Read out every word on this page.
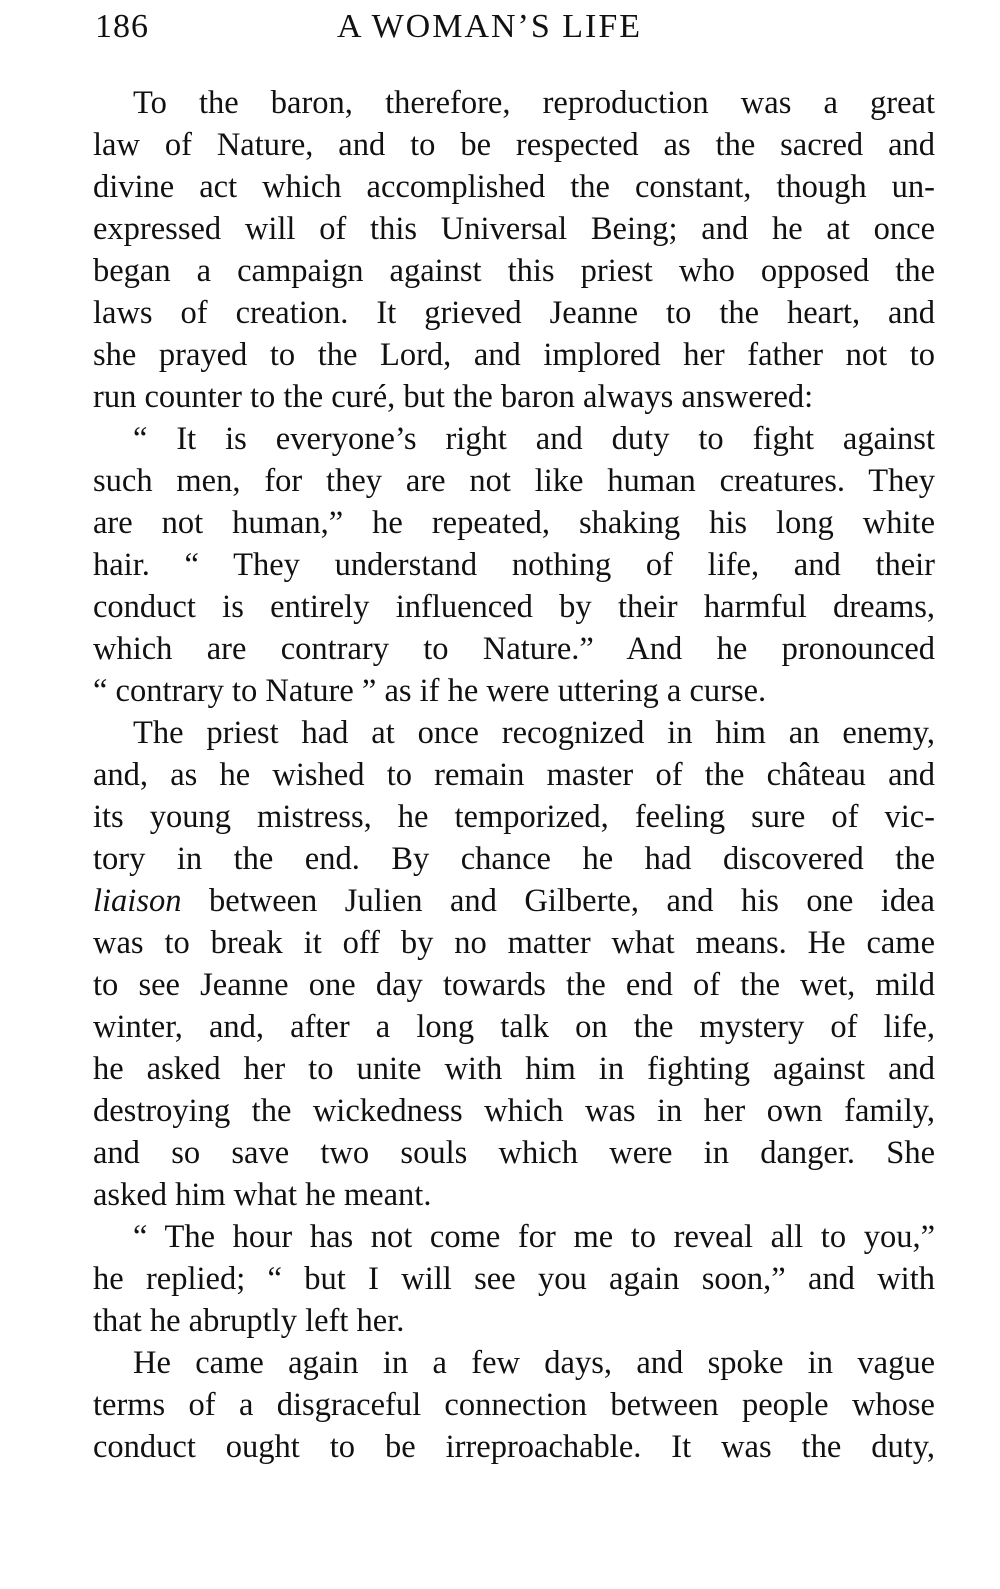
186	A WOMAN’S LIFE
To the baron, therefore, reproduction was a great
law of Nature, and to be respected as the sacred and
divine act which accomplished the constant, though un-
expressed will of this Universal Being; and he at once
began a campaign against this priest who opposed the
laws of creation. It grieved Jeanne to the heart, and
she prayed to the Lord, and implored her father not to
run counter to the curé, but the baron always answered:
“ It is everyone’s right and duty to fight against
such men, for they are not like human creatures. They
are not human,” he repeated, shaking his long white
hair. “ They understand nothing of life, and their
conduct is entirely influenced by their harmful dreams,
which are contrary to Nature.” And he pronounced
“ contrary to Nature ” as if he were uttering a curse.
The priest had at once recognized in him an enemy,
and, as he wished to remain master of the château and
its young mistress, he temporized, feeling sure of vic-
tory in the end. By chance he had discovered the
liaison between Julien and Gilberte, and his one idea
was to break it off by no matter what means. He came
to see Jeanne one day towards the end of the wet, mild
winter, and, after a long talk on the mystery of life,
he asked her to unite with him in fighting against and
destroying the wickedness which was in her own family,
and so save two souls which were in danger. She
asked him what he meant.
“ The hour has not come for me to reveal all to you,”
he replied; “ but I will see you again soon,” and with
that he abruptly left her.
He came again in a few days, and spoke in vague
terms of a disgraceful connection between people whose
conduct ought to be irreproachable. It was the duty,
